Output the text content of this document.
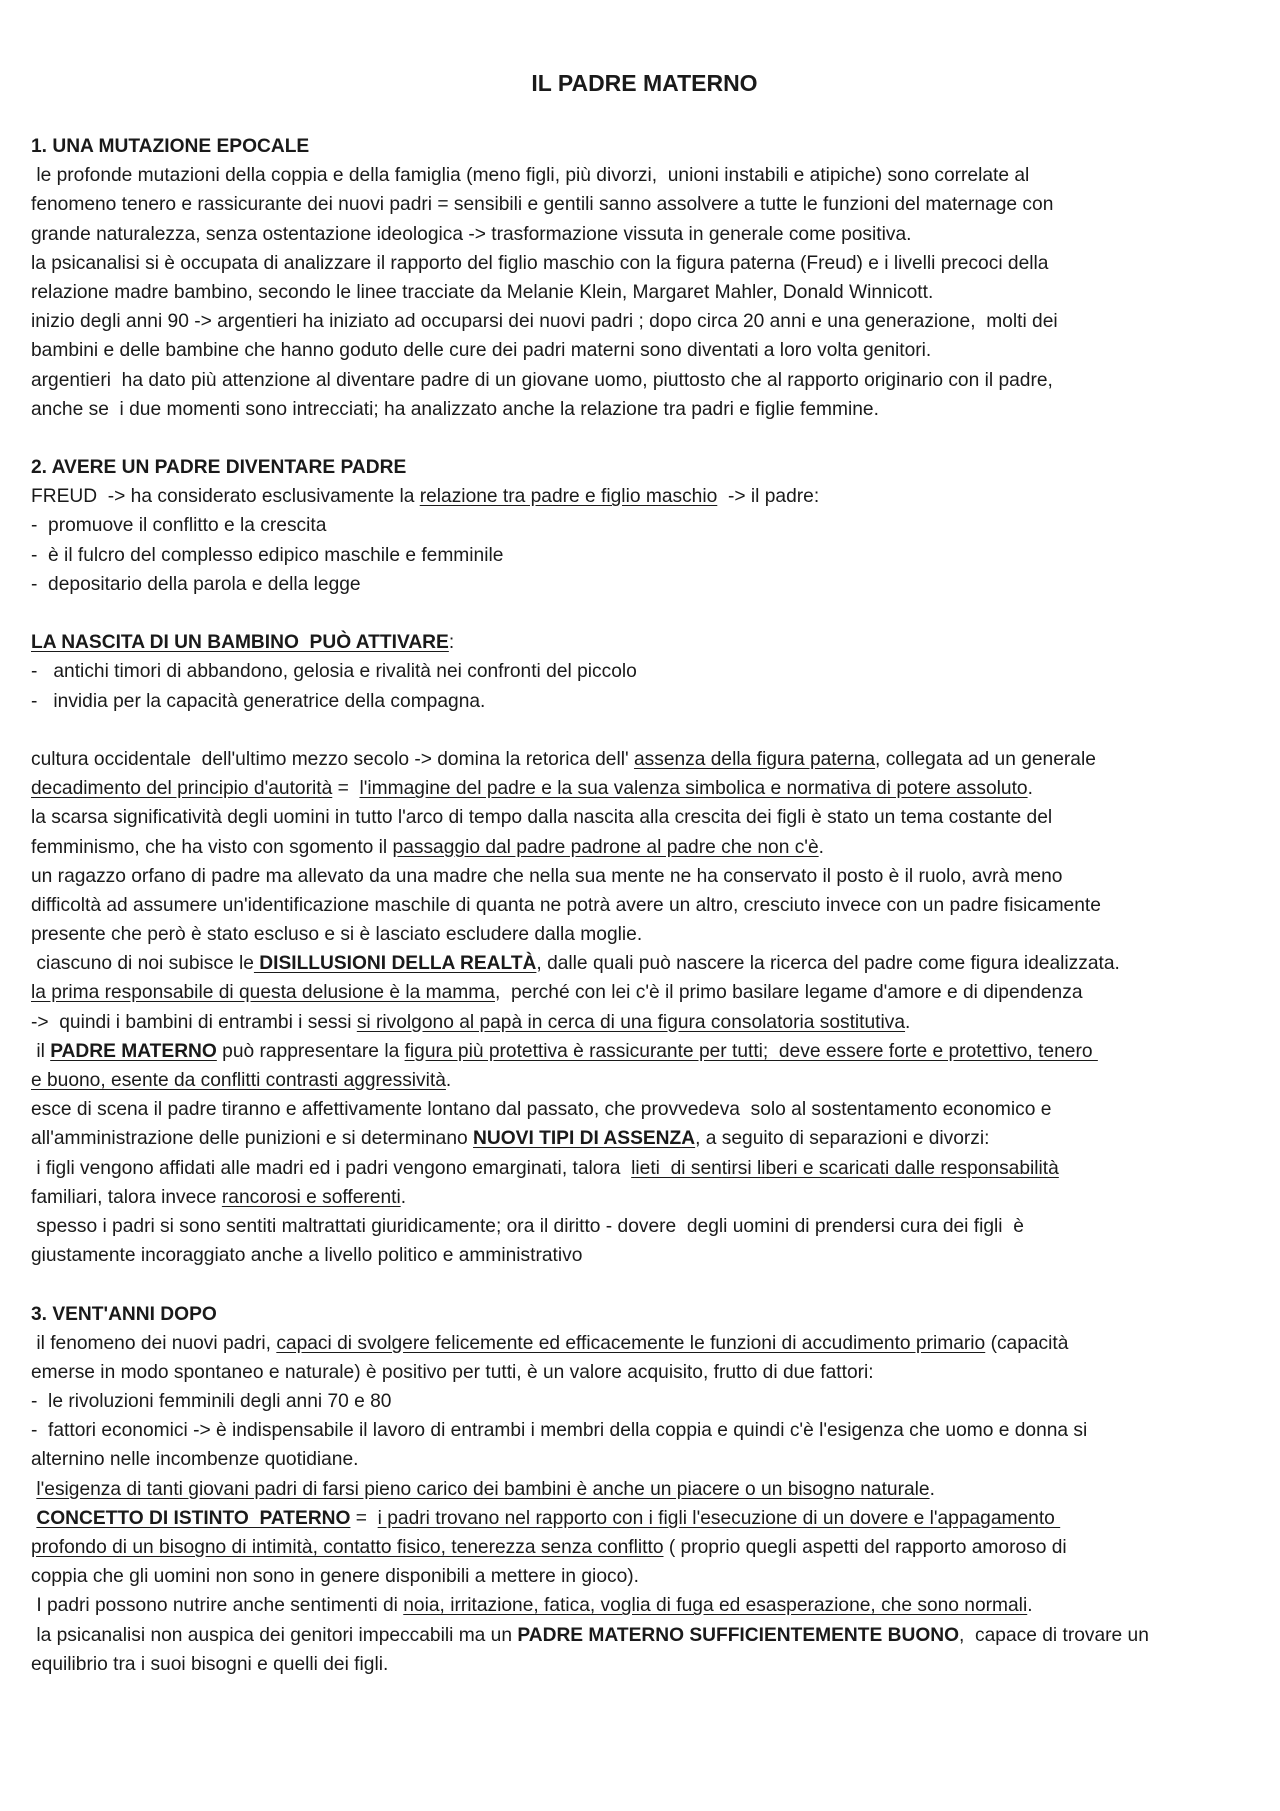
IL PADRE MATERNO
1. UNA MUTAZIONE EPOCALE
le profonde mutazioni della coppia e della famiglia (meno figli, più divorzi,  unioni instabili e atipiche) sono correlate al
fenomeno tenero e rassicurante dei nuovi padri = sensibili e gentili sanno assolvere a tutte le funzioni del maternage con
grande naturalezza, senza ostentazione ideologica -> trasformazione vissuta in generale come positiva.
la psicanalisi si è occupata di analizzare il rapporto del figlio maschio con la figura paterna (Freud) e i livelli precoci della
relazione madre bambino, secondo le linee tracciate da Melanie Klein, Margaret Mahler, Donald Winnicott.
inizio degli anni 90 -> argentieri ha iniziato ad occuparsi dei nuovi padri ; dopo circa 20 anni e una generazione,  molti dei
bambini e delle bambine che hanno goduto delle cure dei padri materni sono diventati a loro volta genitori.
argentieri  ha dato più attenzione al diventare padre di un giovane uomo, piuttosto che al rapporto originario con il padre,
anche se  i due momenti sono intrecciati; ha analizzato anche la relazione tra padri e figlie femmine.
2. AVERE UN PADRE DIVENTARE PADRE
FREUD  -> ha considerato esclusivamente la relazione tra padre e figlio maschio  -> il padre:
-  promuove il conflitto e la crescita
-  è il fulcro del complesso edipico maschile e femminile
-  depositario della parola e della legge
LA NASCITA DI UN BAMBINO  PUÒ ATTIVARE:
-   antichi timori di abbandono, gelosia e rivalità nei confronti del piccolo
-   invidia per la capacità generatrice della compagna.
cultura occidentale  dell'ultimo mezzo secolo -> domina la retorica dell' assenza della figura paterna, collegata ad un generale
decadimento del principio d'autorità =  l'immagine del padre e la sua valenza simbolica e normativa di potere assoluto.
la scarsa significatività degli uomini in tutto l'arco di tempo dalla nascita alla crescita dei figli è stato un tema costante del
femminismo, che ha visto con sgomento il passaggio dal padre padrone al padre che non c'è.
un ragazzo orfano di padre ma allevato da una madre che nella sua mente ne ha conservato il posto è il ruolo, avrà meno
difficoltà ad assumere un'identificazione maschile di quanta ne potrà avere un altro, cresciuto invece con un padre fisicamente
presente che però è stato escluso e si è lasciato escludere dalla moglie.
ciascuno di noi subisce le DISILLUSIONI DELLA REALTÀ, dalle quali può nascere la ricerca del padre come figura idealizzata.
la prima responsabile di questa delusione è la mamma,  perché con lei c'è il primo basilare legame d'amore e di dipendenza
->  quindi i bambini di entrambi i sessi si rivolgono al papà in cerca di una figura consolatoria sostitutiva.
il PADRE MATERNO può rappresentare la figura più protettiva è rassicurante per tutti;  deve essere forte e protettivo, tenero
e buono, esente da conflitti contrasti aggressività.
esce di scena il padre tiranno e affettivamente lontano dal passato, che provvedeva  solo al sostentamento economico e
all'amministrazione delle punizioni e si determinano NUOVI TIPI DI ASSENZA, a seguito di separazioni e divorzi:
i figli vengono affidati alle madri ed i padri vengono emarginati, talora  lieti  di sentirsi liberi e scaricati dalle responsabilità
familiari, talora invece rancorosi e sofferenti.
spesso i padri si sono sentiti maltrattati giuridicamente; ora il diritto - dovere  degli uomini di prendersi cura dei figli  è
giustamente incoraggiato anche a livello politico e amministrativo
3. VENT'ANNI DOPO
il fenomeno dei nuovi padri, capaci di svolgere felicemente ed efficacemente le funzioni di accudimento primario (capacità
emerse in modo spontaneo e naturale) è positivo per tutti, è un valore acquisito, frutto di due fattori:
-  le rivoluzioni femminili degli anni 70 e 80
-  fattori economici -> è indispensabile il lavoro di entrambi i membri della coppia e quindi c'è l'esigenza che uomo e donna si
alternino nelle incombenze quotidiane.
l'esigenza di tanti giovani padri di farsi pieno carico dei bambini è anche un piacere o un bisogno naturale.
CONCETTO DI ISTINTO  PATERNO =  i padri trovano nel rapporto con i figli l'esecuzione di un dovere e l'appagamento
profondo di un bisogno di intimità, contatto fisico, tenerezza senza conflitto ( proprio quegli aspetti del rapporto amoroso di
coppia che gli uomini non sono in genere disponibili a mettere in gioco).
I padri possono nutrire anche sentimenti di noia, irritazione, fatica, voglia di fuga ed esasperazione, che sono normali.
la psicanalisi non auspica dei genitori impeccabili ma un PADRE MATERNO SUFFICIENTEMENTE BUONO,  capace di trovare un
equilibrio tra i suoi bisogni e quelli dei figli.
